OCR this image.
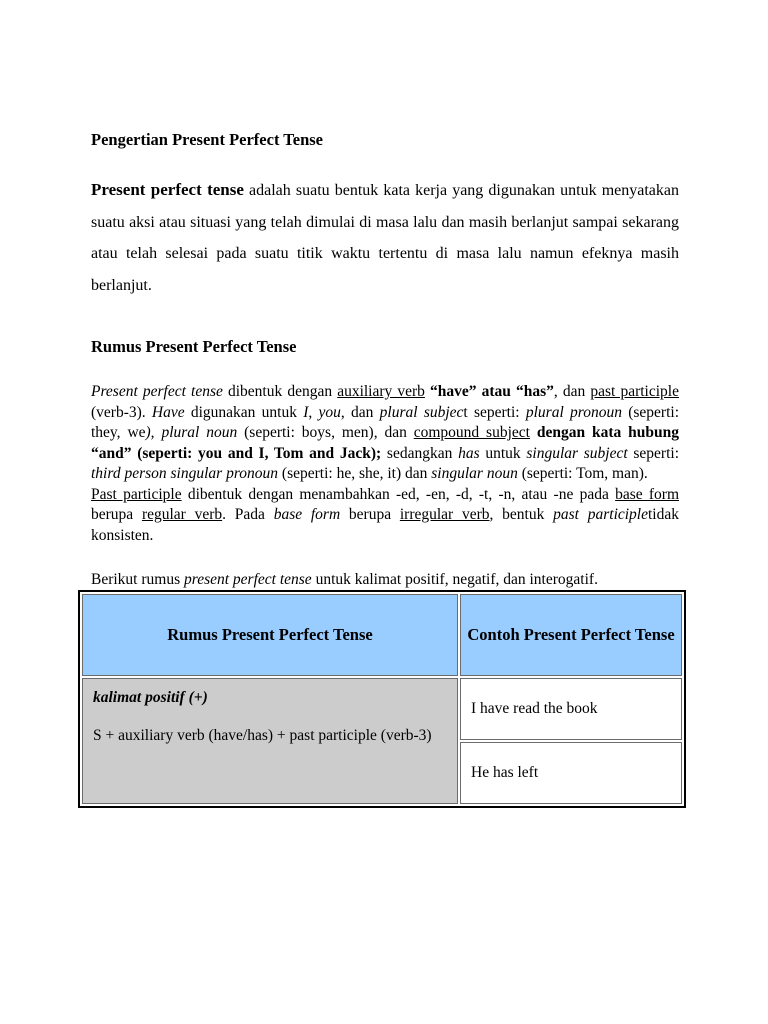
Pengertian Present Perfect Tense

Present perfect tense adalah suatu bentuk kata kerja yang digunakan untuk menyatakan suatu aksi atau situasi yang telah dimulai di masa lalu dan masih berlanjut sampai sekarang atau telah selesai pada suatu titik waktu tertentu di masa lalu namun efeknya masih berlanjut.

Rumus Present Perfect Tense
Present perfect tense dibentuk dengan auxiliary verb “have” atau “has”, dan past participle (verb-3). Have digunakan untuk I, you, dan plural subject seperti: plural pronoun (seperti: they, we), plural noun (seperti: boys, men), dan compound subject dengan kata hubung “and” (seperti: you and I, Tom and Jack); sedangkan has untuk singular subject seperti: third person singular pronoun (seperti: he, she, it) dan singular noun (seperti: Tom, man).
Past participle dibentuk dengan menambahkan -ed, -en, -d, -t, -n, atau -ne pada base form berupa regular verb. Pada base form berupa irregular verb, bentuk past participletidak konsisten.

Berikut rumus present perfect tense untuk kalimat positif, negatif, dan interogatif.

Rumus Present Perfect Tense	Contoh Present Perfect Tense

kalimat positif (+)

S + auxiliary verb (have/has) + past participle (verb-3)	I have read the book
	He has left
